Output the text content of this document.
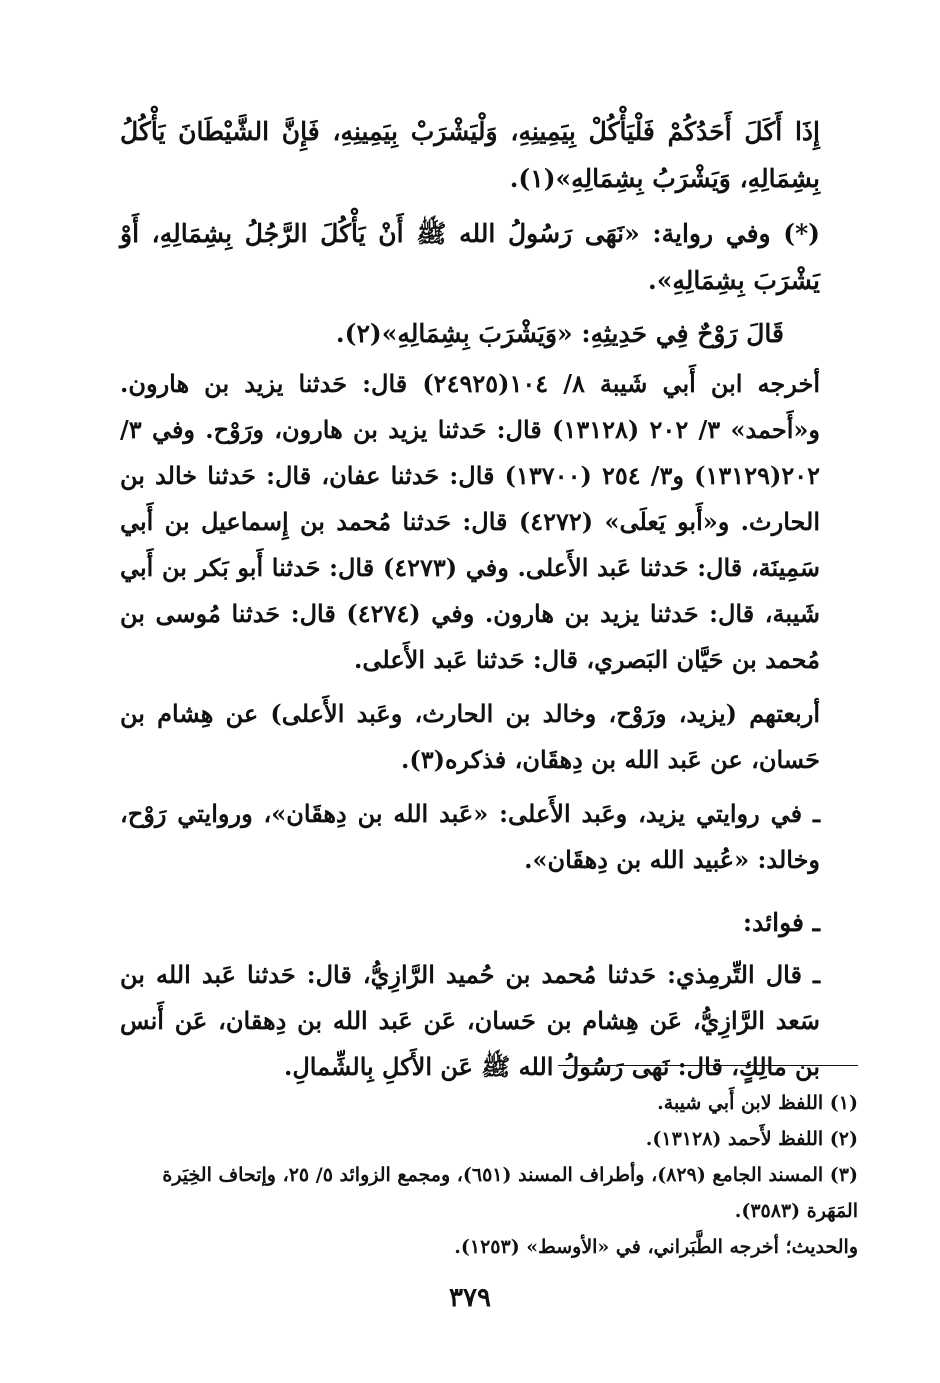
إِذَا أَكَلَ أَحَدُكُمْ فَلْيَأْكُلْ بِيَمِينِهِ، وَلْيَشْرَبْ بِيَمِينِهِ، فَإِنَّ الشَّيْطَانَ يَأْكُلُ بِشِمَالِهِ، وَيَشْرَبُ بِشِمَالِهِ»(١).

(*) وفي رواية: «نَهَى رَسُولُ الله ﷺ أَنْ يَأْكُلَ الرَّجُلُ بِشِمَالِهِ، أَوْ يَشْرَبَ بِشِمَالِهِ».

قَالَ رَوْحٌ فِي حَدِيثِهِ: «وَيَشْرَبَ بِشِمَالِهِ»(٢).

أخرجه ابن أَبي شَيبة ٨/ ١٠٤(٢٤٩٢٥) قال: حَدثنا يزيد بن هارون. و«أَحمد» ٣/ ٢٠٢ (١٣١٢٨) قال: حَدثنا يزيد بن هارون، ورَوْح. وفي ٣/ ٢٠٢(١٣١٢٩) و٣/ ٢٥٤ (١٣٧٠٠) قال: حَدثنا عفان، قال: حَدثنا خالد بن الحارث. و«أَبو يَعلَى» (٤٢٧٢) قال: حَدثنا مُحمد بن إِسماعيل بن أَبي سَمِينَة، قال: حَدثنا عَبد الأَعلى. وفي (٤٢٧٣) قال: حَدثنا أَبو بَكر بن أَبي شَيبة، قال: حَدثنا يزيد بن هارون. وفي (٤٢٧٤) قال: حَدثنا مُوسى بن مُحمد بن حَيَّان البَصري، قال: حَدثنا عَبد الأَعلى.

أربعتهم (يزيد، ورَوْح، وخالد بن الحارث، وعَبد الأَعلى) عن هِشام بن حَسان، عن عَبد الله بن دِهقَان، فذكره(٣).

ـ في روايتي يزيد، وعَبد الأَعلى: «عَبد الله بن دِهقَان»، وروايتي رَوْح، وخالد: «عُبيد الله بن دِهقَان».

ـ فوائد:

ـ قال التِّرمِذي: حَدثنا مُحمد بن حُميد الرَّازِيُّ، قال: حَدثنا عَبد الله بن سَعد الرَّازِيُّ، عَن هِشام بن حَسان، عَن عَبد الله بن دِهقان، عَن أَنس بن مالِكٍ، قال: نَهى رَسُولُ الله ﷺ عَن الأَكلِ بِالشِّمالِ.

(١) اللفظ لابن أَبي شيبة.

(٢) اللفظ لأَحمد (١٣١٢٨).

(٣) المسند الجامع (٨٢٩)، وأطراف المسند (٦٥١)، ومجمع الزوائد ٥/ ٢٥، وإتحاف الخِيَرة المَهَرة (٣٥٨٣).

والحديث؛ أخرجه الطَّبَراني، في «الأوسط» (١٢٥٣).

٣٧٩
